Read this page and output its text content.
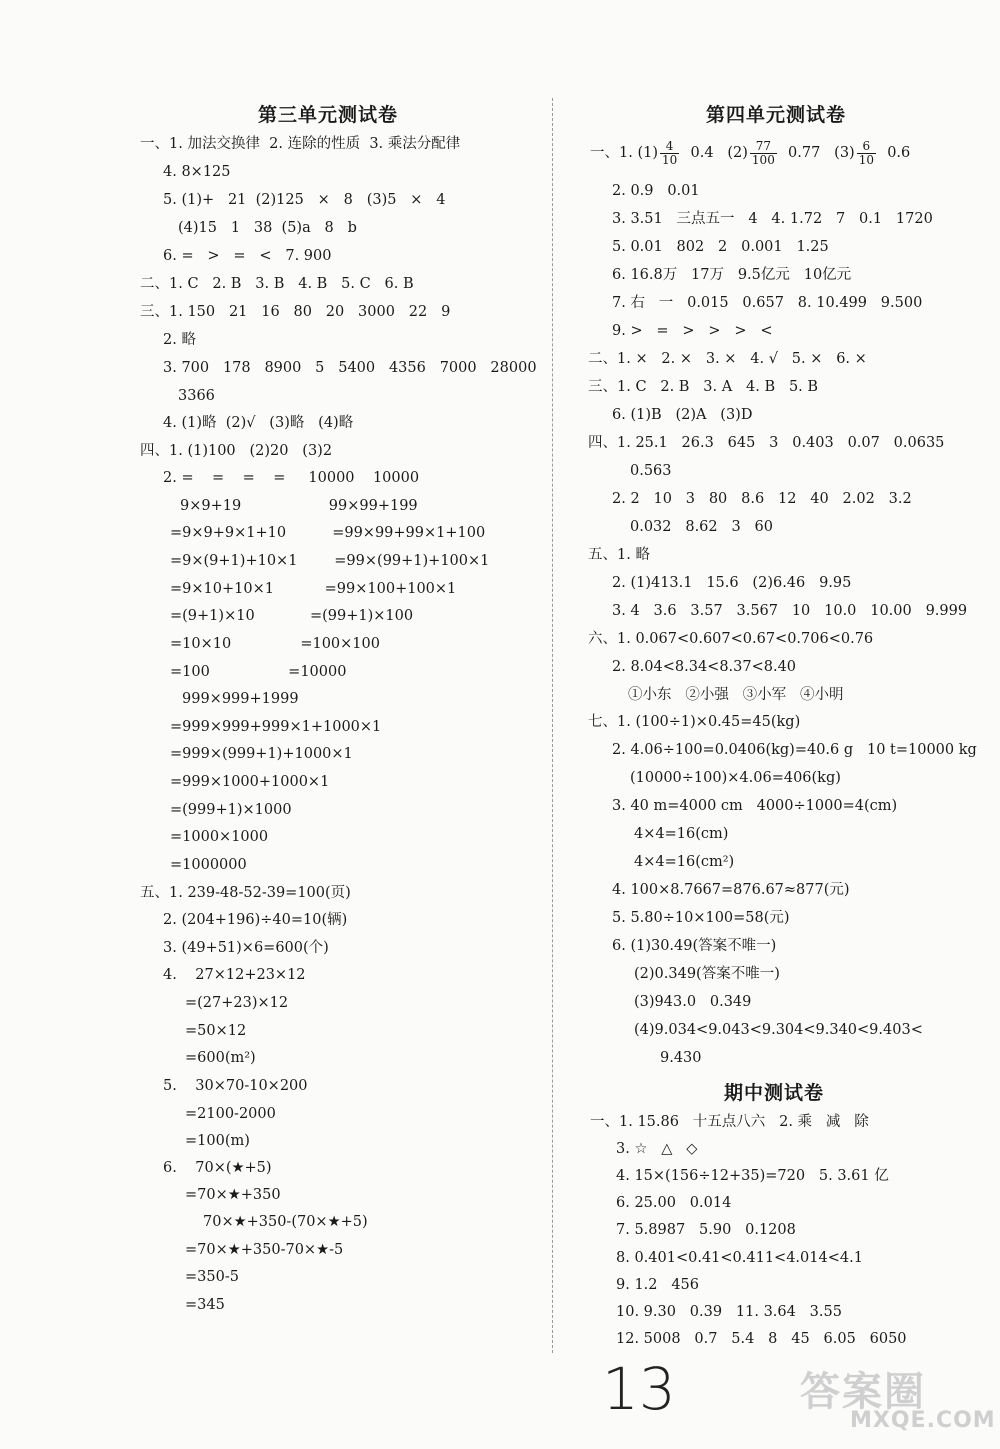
第三单元测试卷
一、1. 加法交换律  2. 连除的性质  3. 乘法分配律
4. 8×125
5. (1)+   21  (2)125   ×   8   (3)5   ×   4
(4)15   1   38  (5)a   8   b
6. =   >   =   <   7. 900
二、1. C   2. B   3. B   4. B   5. C   6. B
三、1. 150   21   16   80   20   3000   22   9
2. 略
3. 700   178   8900   5   5400   4356   7000   28000
3366
4. (1)略  (2)√   (3)略   (4)略
四、1. (1)100   (2)20   (3)2
2. =    =    =    =     10000    10000
9×9+19                   99×99+199
=9×9+9×1+10          =99×99+99×1+100
=9×(9+1)+10×1        =99×(99+1)+100×1
=9×10+10×1           =99×100+100×1
=(9+1)×10            =(99+1)×100
=10×10               =100×100
=100                 =10000
999×999+1999
=999×999+999×1+1000×1
=999×(999+1)+1000×1
=999×1000+1000×1
=(999+1)×1000
=1000×1000
=1000000
五、1. 239-48-52-39=100(页)
2. (204+196)÷40=10(辆)
3. (49+51)×6=600(个)
4.    27×12+23×12
=(27+23)×12
=50×12
=600(m²)
5.    30×70-10×200
=2100-2000
=100(m)
6.    70×(★+5)
=70×★+350
70×★+350-(70×★+5)
=70×★+350-70×★-5
=350-5
=345
第四单元测试卷
一、1. $(1) \frac{4}{10} 0.4$   $(2) \frac{77}{100} 0.77$   $(3) \frac{6}{10} 0.6$
2. 0.9   0.01
3. 3.51   三点五一   4   4. 1.72   7   0.1   1720
5. 0.01   802   2   0.001   1.25
6. 16.8万   17万   9.5亿元   10亿元
7. 右   一   0.015   0.657   8. 10.499   9.500
9. >   =   >   >   >   <
二、1. ×   2. ×   3. ×   4. √   5. ×   6. ×
三、1. C   2. B   3. A   4. B   5. B
6. (1)B   (2)A   (3)D
四、1. 25.1   26.3   645   3   0.403   0.07   0.0635
0.563
2. 2   10   3   80   8.6   12   40   2.02   3.2
0.032   8.62   3   60
五、1. 略
2. (1)413.1   15.6   (2)6.46   9.95
3. 4   3.6   3.57   3.567   10   10.0   10.00   9.999
六、1. 0.067<0.607<0.67<0.706<0.76
2. 8.04<8.34<8.37<8.40
①小东   ②小强   ③小军   ④小明
七、1. (100÷1)×0.45=45(kg)
2. 4.06÷100=0.0406(kg)=40.6 g   10 t=10000 kg
(10000÷100)×4.06=406(kg)
3. 40 m=4000 cm   4000÷1000=4(cm)
4×4=16(cm)
4×4=16(cm²)
4. 100×8.7667=876.67≈877(元)
5. 5.80÷10×100=58(元)
6. (1)30.49(答案不唯一)
(2)0.349(答案不唯一)
(3)943.0   0.349
(4)9.034<9.043<9.304<9.340<9.403<
9.430
期中测试卷
一、1. 15.86   十五点八六   2. 乘   减   除
3. ☆   △   ◇
4. 15×(156÷12+35)=720   5. 3.61 亿
6. 25.00   0.014
7. 5.8987   5.90   0.1208
8. 0.401<0.41<0.411<4.014<4.1
9. 1.2   456
10. 9.30   0.39   11. 3.64   3.55
12. 5008   0.7   5.4   8   45   6.05   6050
13	答案圈
MXQE.COM
